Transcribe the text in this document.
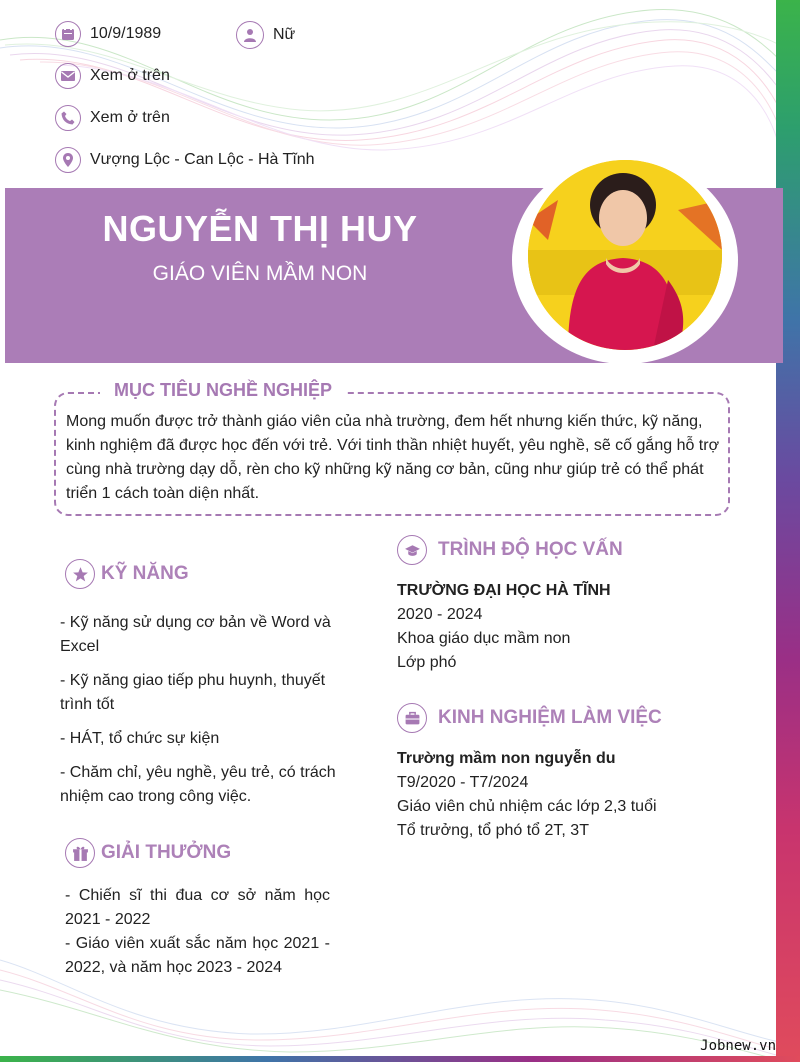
10/9/1989	Nữ
Xem ở trên
Xem ở trên
Vượng Lộc - Can Lộc - Hà Tĩnh
NGUYỄN THỊ HUY
GIÁO VIÊN MẦM NON
MỤC TIÊU NGHỀ NGHIỆP
Mong muốn được trở thành giáo viên của nhà trường, đem hết nhưng kiến thức, kỹ năng, kinh nghiệm đã được học đến với trẻ. Với tinh thần nhiệt huyết, yêu nghề, sẽ cố gắng hỗ trợ cùng nhà trường dạy dỗ, rèn cho kỹ những kỹ năng cơ bản, cũng như giúp trẻ có thể phát triển 1 cách toàn diện nhất.
KỸ NĂNG

- Kỹ năng sử dụng cơ bản về Word và Excel

- Kỹ năng giao tiếp phu huynh, thuyết trình tốt

- HÁT, tổ chức sự kiện

- Chăm chỉ, yêu nghề, yêu trẻ, có trách nhiệm cao trong công việc.

GIẢI THƯỞNG
- Chiến sĩ thi đua cơ sở năm học 2021 - 2022
- Giáo viên xuất sắc năm học 2021 - 2022, và năm học 2023 - 2024
TRÌNH ĐỘ HỌC VẤN
TRƯỜNG ĐẠI HỌC HÀ TĨNH
2020 - 2024
Khoa giáo dục mầm non
Lớp phó
KINH NGHIỆM LÀM VIỆC
Trường mầm non nguyễn du
T9/2020 - T7/2024
Giáo viên chủ nhiệm các lớp 2,3 tuổi
Tổ trưởng, tổ phó tổ 2T, 3T
Jobnew.vn
